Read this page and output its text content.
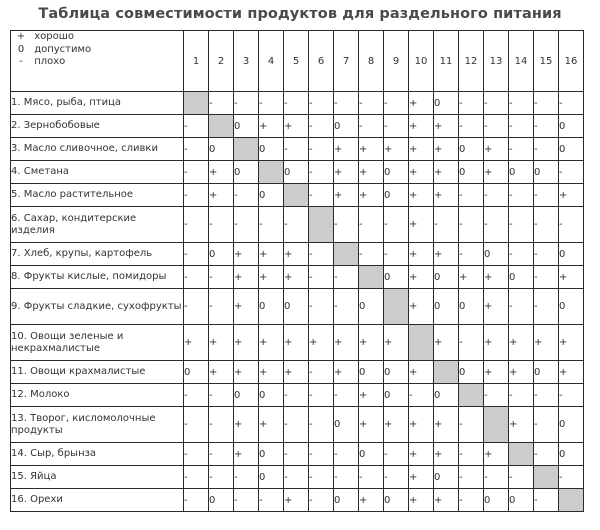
Таблица совместимости продуктов для раздельного питания
+ хорошо
0 допустимо
- плохо	1	2	3	4	5	6	7	8	9	10	11	12	13	14	15	16
1. Мясо, рыба, птица		-	-	-	-	-	-	-	-	+	0	-	-	-	-	-
2. Зернобобовые	-		0	+	+	-	0	-	-	+	+	-	-	-	-	0
3. Масло сливочное, сливки	-	0		0	-	-	+	+	+	+	+	0	+	-	-	0
4. Сметана	-	+	0		0	-	+	+	0	+	+	0	+	0	0	-
5. Масло растительное	-	+	-	0		-	+	+	0	+	+	-	-	-	-	+
6. Сахар, кондитерские изделия	-	-	-	-	-		-	-	-	+	-	-	-	-	-	-
7. Хлеб, крупы, картофель	-	0	+	+	+	-		-	-	+	+	-	0	-	-	0
8. Фрукты кислые, помидоры	-	-	+	+	+	-	-		0	+	0	+	+	0	-	+
9. Фрукты сладкие, сухофрукты	-	-	+	0	0	-	-	0		+	0	0	+	-	-	0
10. Овощи зеленые и некрахмалистые	+	+	+	+	+	+	+	+	+		+	-	+	+	+	+
11. Овощи крахмалистые	0	+	+	+	+	-	+	0	0	+		0	+	+	0	+
12. Молоко	-	-	0	0	-	-	-	+	0	-	0		-	-	-	-
13. Творог, кисломолочные продукты	-	-	+	+	-	-	0	+	+	+	+	-		+	-	0
14. Сыр, брынза	-	-	+	0	-	-	-	0	-	+	+	-	+		-	0
15. Яйца	-	-	-	0	-	-	-	-	-	+	0	-	-	-		-
16. Орехи	-	0	-	-	+	-	0	+	0	+	+	-	0	0	-	
